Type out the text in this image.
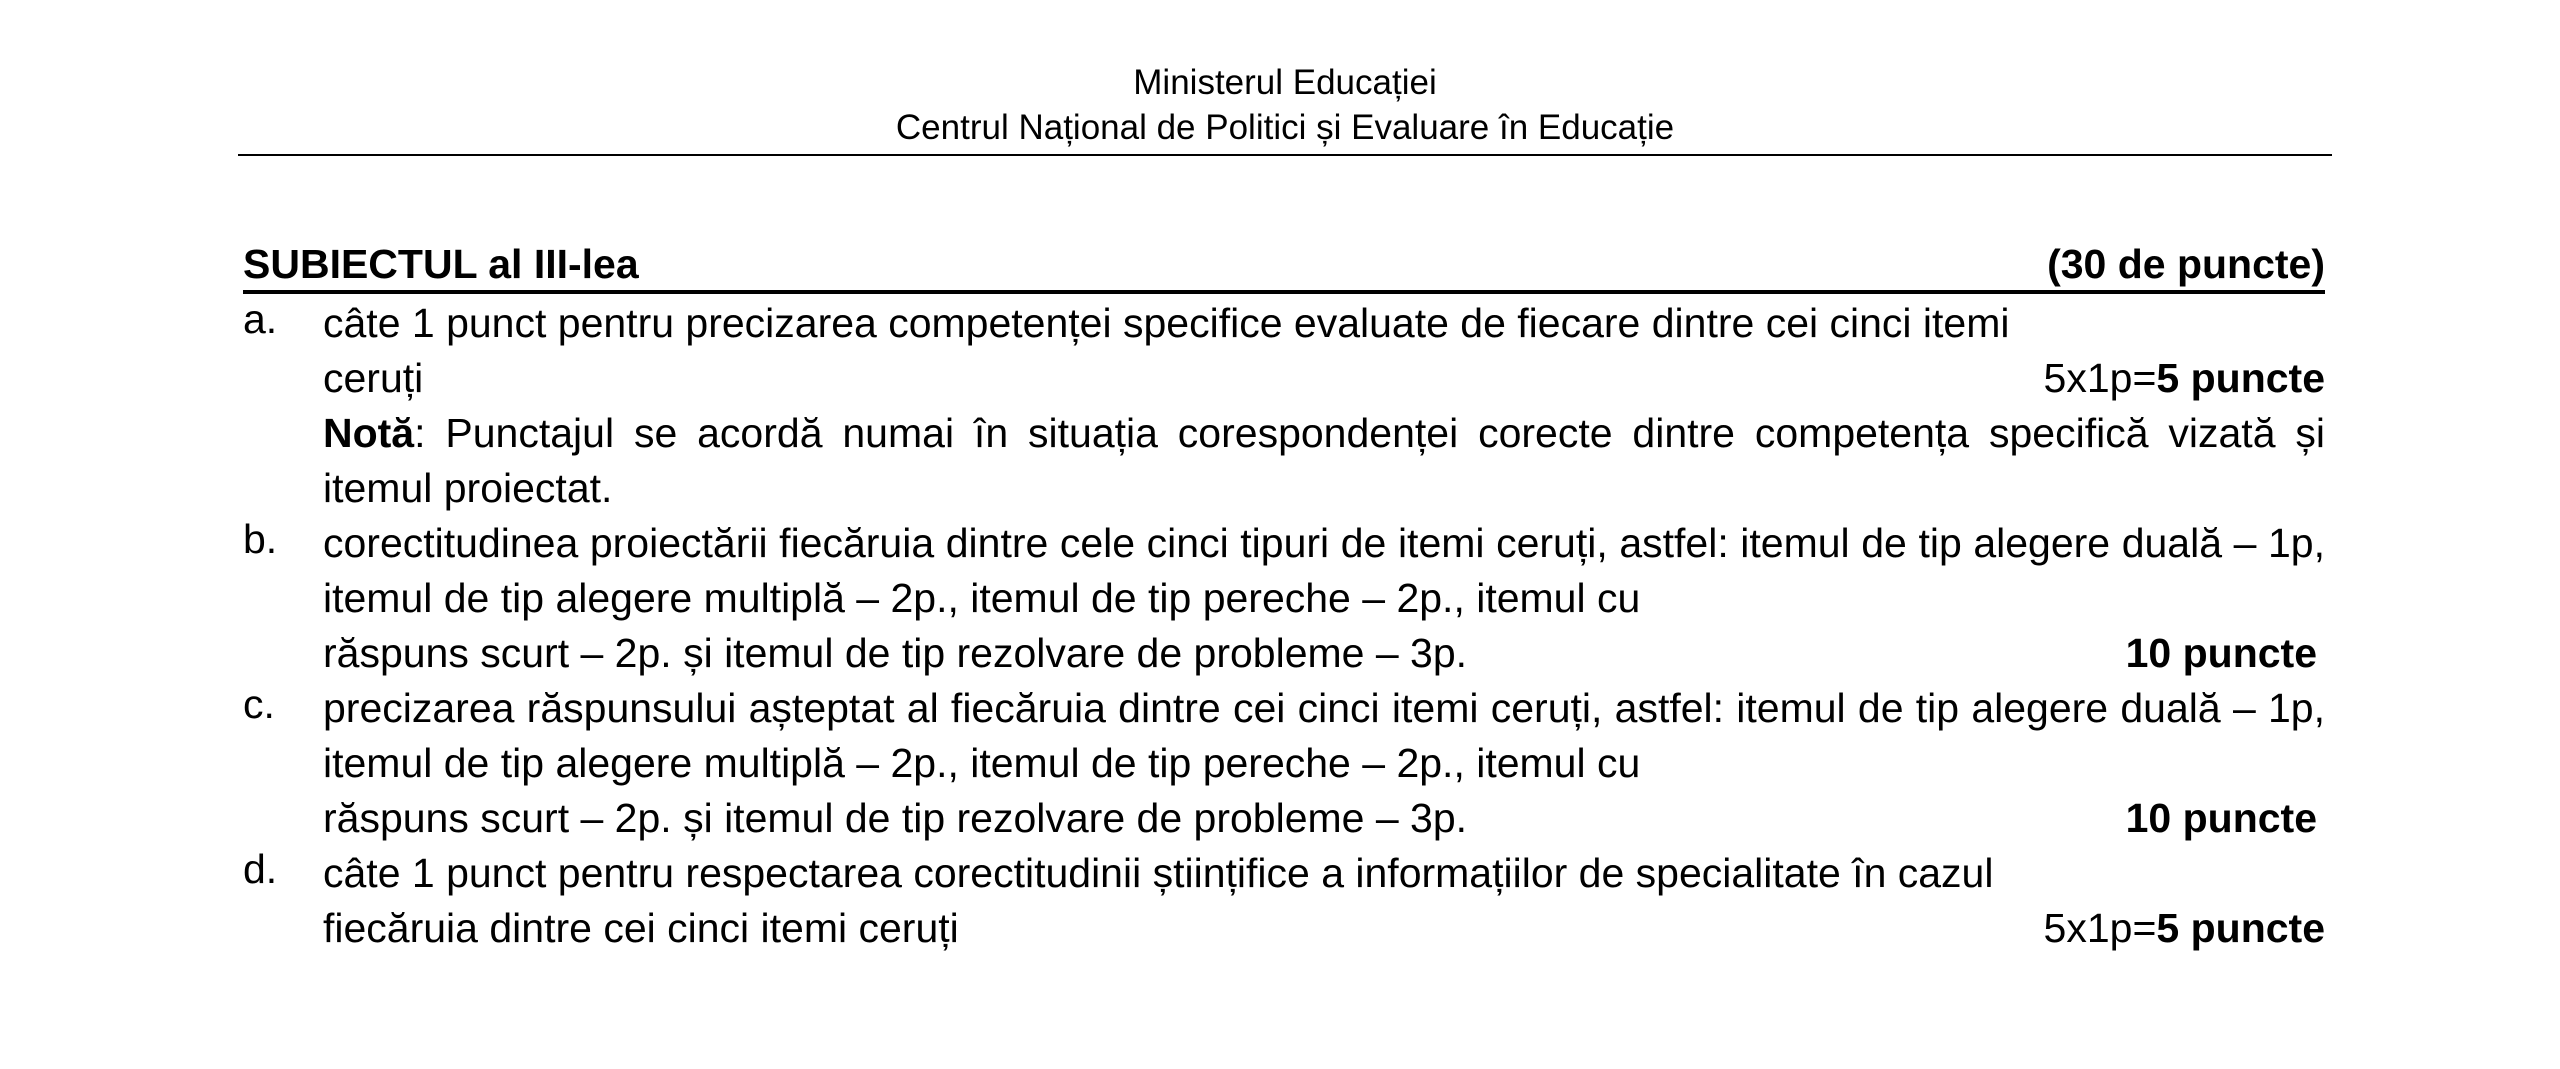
Ministerul Educației
Centrul Național de Politici și Evaluare în Educație
SUBIECTUL al III-lea	(30 de puncte)
a. câte 1 punct pentru precizarea competenței specifice evaluate de fiecare dintre cei cinci itemi

ceruți	5x1p=5 puncte

Notă: Punctajul se acordă numai în situația corespondenței corecte dintre competența specifică vizată și itemul proiectat.

b. corectitudinea proiectării fiecăruia dintre cele cinci tipuri de itemi ceruți, astfel: itemul de tip alegere duală – 1p, itemul de tip alegere multiplă – 2p., itemul de tip pereche – 2p., itemul cu

răspuns scurt – 2p. și itemul de tip rezolvare de probleme – 3p.	10 puncte
c. precizarea răspunsului așteptat al fiecăruia dintre cei cinci itemi ceruți, astfel: itemul de tip alegere duală – 1p, itemul de tip alegere multiplă – 2p., itemul de tip pereche – 2p., itemul cu

răspuns scurt – 2p. și itemul de tip rezolvare de probleme – 3p.	10 puncte
d. câte 1 punct pentru respectarea corectitudinii științifice a informațiilor de specialitate în cazul

fiecăruia dintre cei cinci itemi ceruți	5x1p=5 puncte
